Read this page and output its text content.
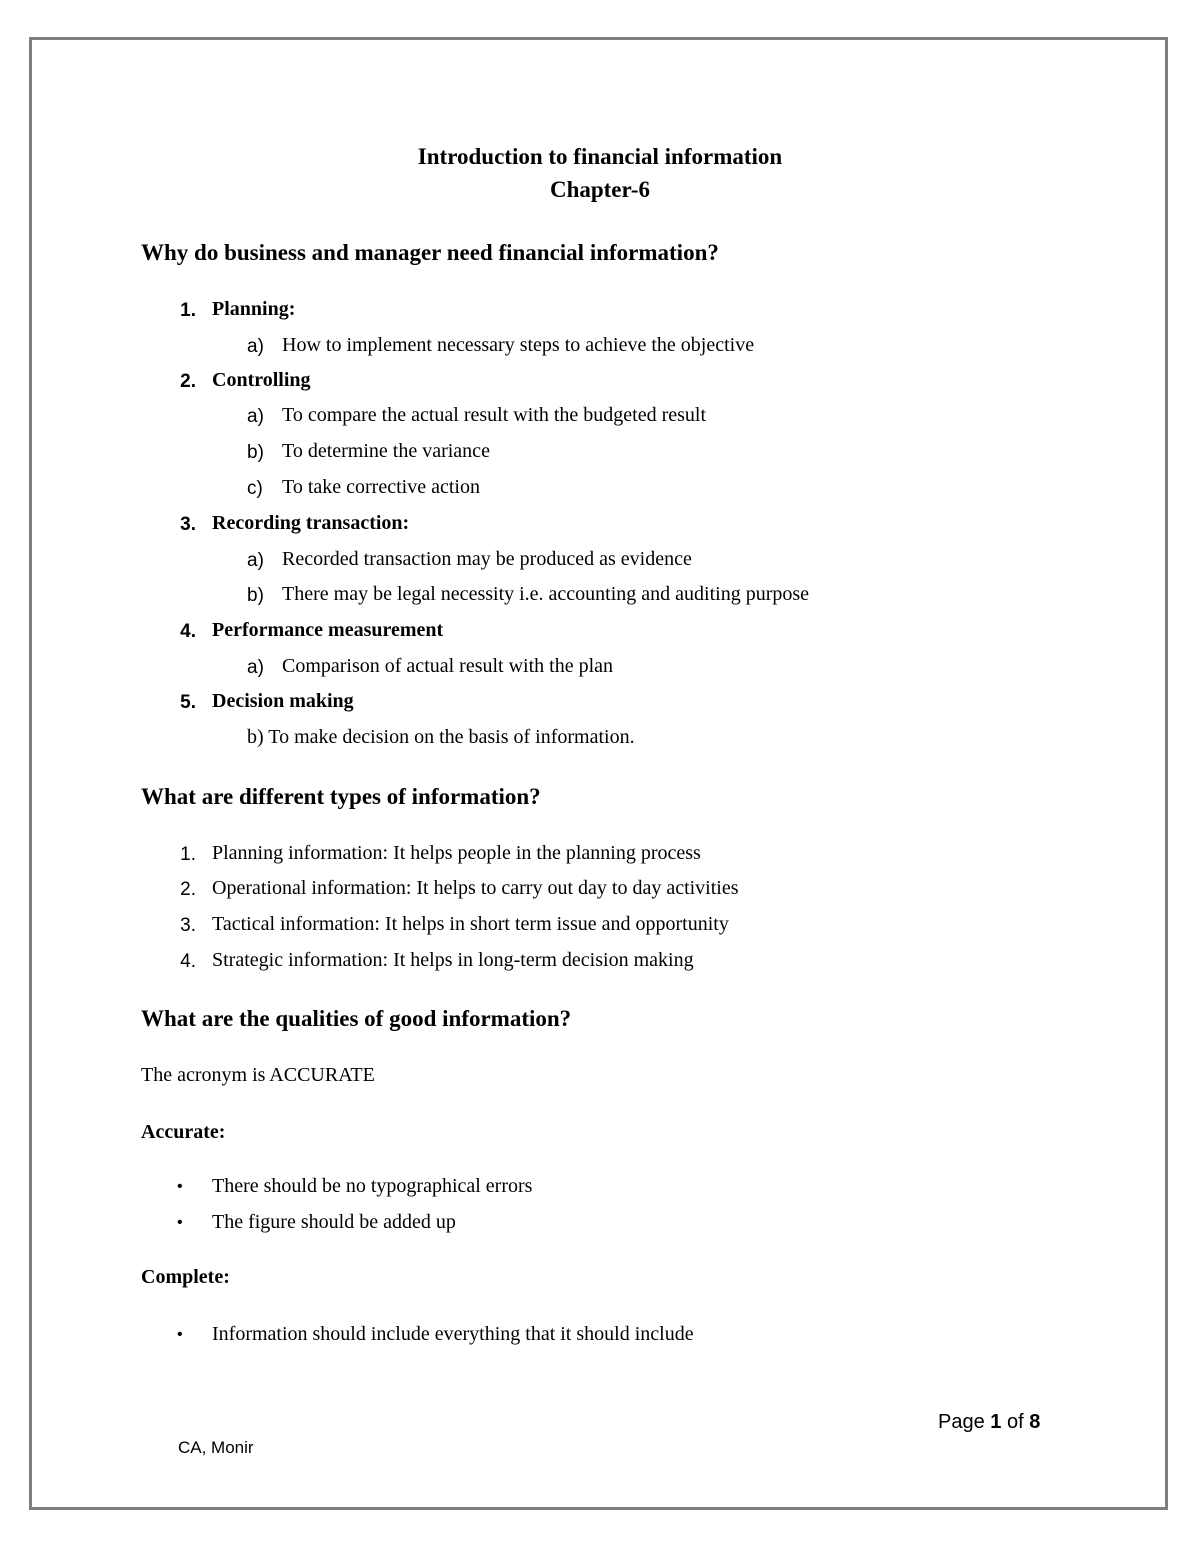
Introduction to financial information
Chapter-6
Why do business and manager need financial information?
1. Planning:
a) How to implement necessary steps to achieve the objective
2. Controlling
a) To compare the actual result with the budgeted result
b) To determine the variance
c) To take corrective action
3. Recording transaction:
a) Recorded transaction may be produced as evidence
b) There may be legal necessity i.e. accounting and auditing purpose
4. Performance measurement
a) Comparison of actual result with the plan
5. Decision making
b) To make decision on the basis of information.
What are different types of information?
1. Planning information: It helps people in the planning process
2. Operational information: It helps to carry out day to day activities
3. Tactical information: It helps in short term issue and opportunity
4. Strategic information: It helps in long-term decision making
What are the qualities of good information?
The acronym is ACCURATE
Accurate:
• There should be no typographical errors
• The figure should be added up
Complete:
• Information should include everything that it should include
Page 1 of 8
CA, Monir
